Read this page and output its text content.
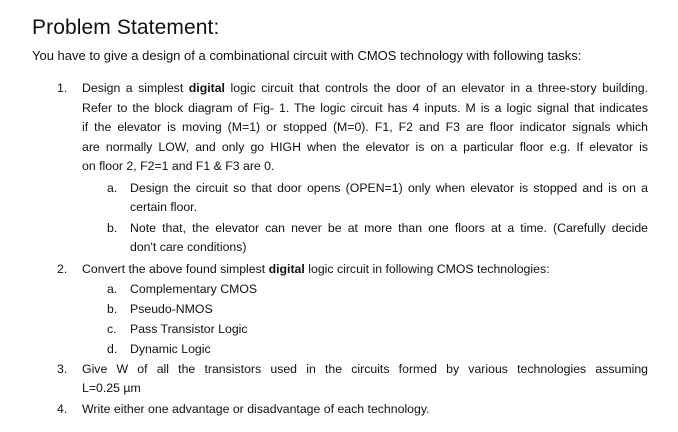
Problem Statement:
You have to give a design of a combinational circuit with CMOS technology with following tasks:
1. Design a simplest digital logic circuit that controls the door of an elevator in a three-story building.
Refer to the block diagram of Fig- 1. The logic circuit has 4 inputs. M is a logic signal that indicates
if the elevator is moving (M=1) or stopped (M=0). F1, F2 and F3 are floor indicator signals which
are normally LOW, and only go HIGH when the elevator is on a particular floor e.g. If elevator is
on floor 2, F2=1 and F1 & F3 are 0.
a. Design the circuit so that door opens (OPEN=1) only when elevator is stopped and is on a
certain floor.
b. Note that, the elevator can never be at more than one floors at a time. (Carefully decide
don't care conditions)
2. Convert the above found simplest digital logic circuit in following CMOS technologies:
a. Complementary CMOS
b. Pseudo-NMOS
c. Pass Transistor Logic
d. Dynamic Logic
3. Give W of all the transistors used in the circuits formed by various technologies assuming
L=0.25 µm
4. Write either one advantage or disadvantage of each technology.
